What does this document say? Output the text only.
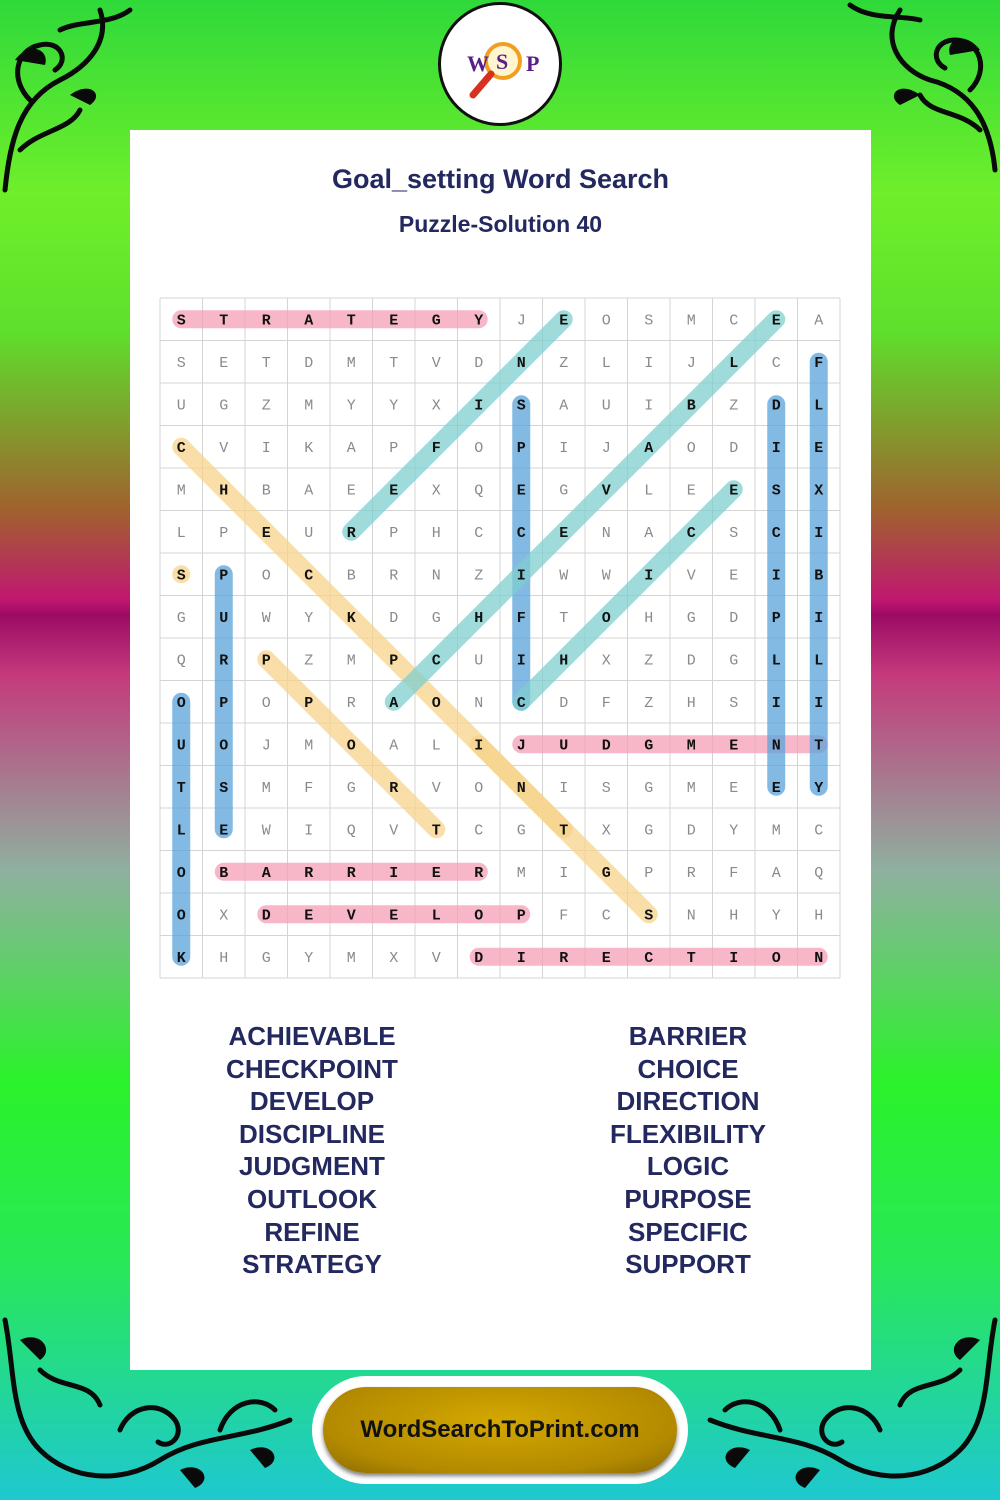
W S P
Goal_setting Word Search
Puzzle-Solution 40
S T R A T E G Y J E O S M C E A
S E T D M T V D N Z L I J L C F
U G Z M Y Y X I S A U I B Z D L
C V I K A P F O P I J A O D I E
M H B A E E X Q E G V L E E S X
L P E U R P H C C E N A C S C I
S P O C B R N Z I W W I V E I B
G U W Y K D G H F T O H G D P I
Q R P Z M P C U I H X Z D G L L
O P O P R A O N C D F Z H S I I
U O J M O A L I J U D G M E N T
T S M F G R V O N I S G M E E Y
L E W I Q V T C G T X G D Y M C
O B A R R I E R M I G P R F A Q
O X D E V E L O P F C S N H Y H
K H G Y M X V D I R E C T I O N
ACHIEVABLE
CHECKPOINT
DEVELOP
DISCIPLINE
JUDGMENT
OUTLOOK
REFINE
STRATEGY
BARRIER
CHOICE
DIRECTION
FLEXIBILITY
LOGIC
PURPOSE
SPECIFIC
SUPPORT
WordSearchToPrint.com
